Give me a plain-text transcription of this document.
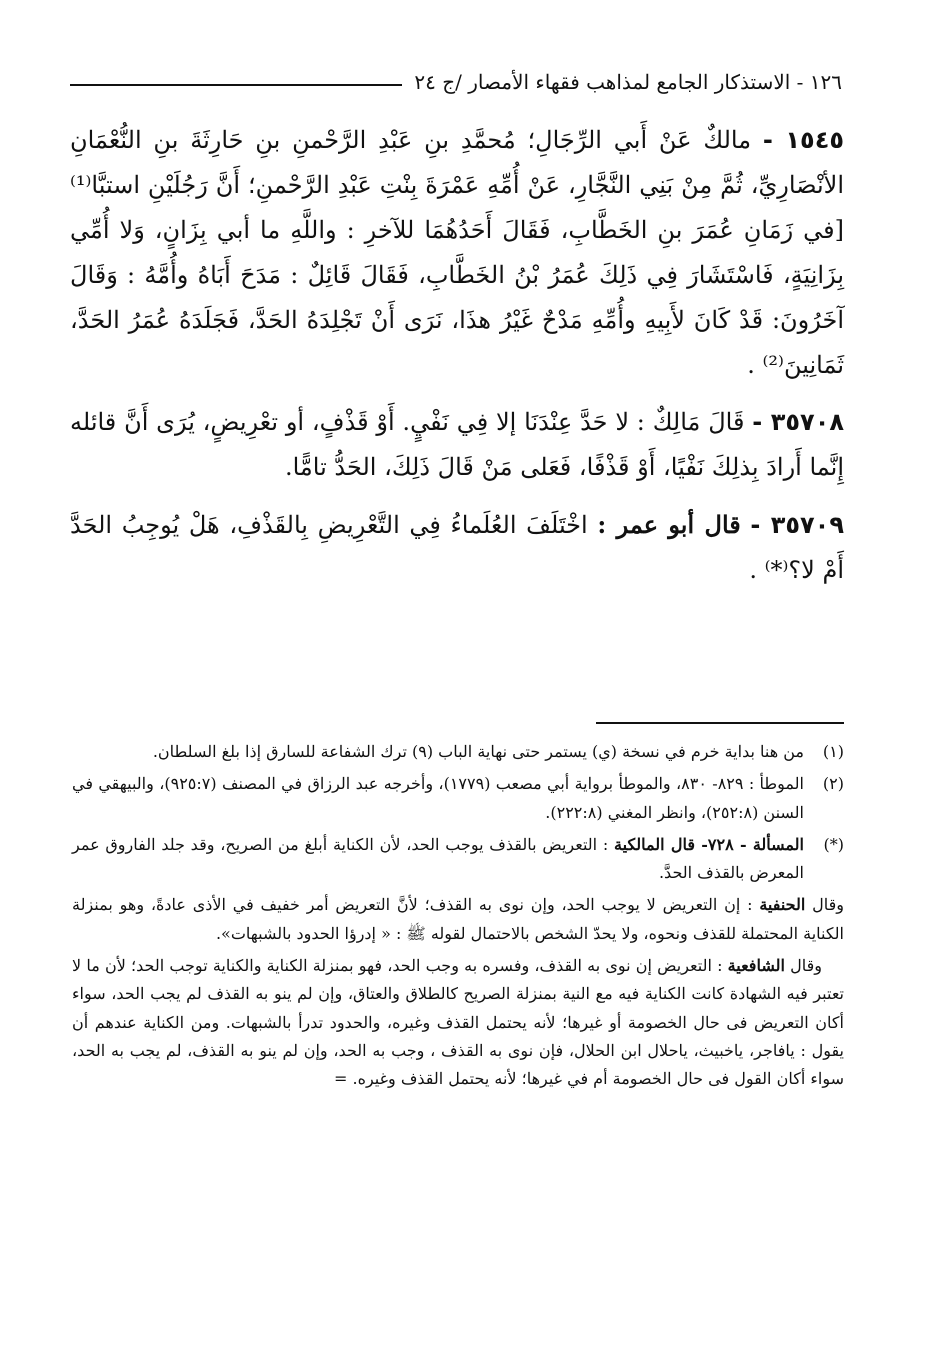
١٢٦ - الاستذكار الجامع لمذاهب فقهاء الأمصار /ج ٢٤

١٥٤٥ - مالكٌ عَنْ أَبي الرِّجَالِ؛ مُحمَّدِ بنِ عَبْدِ الرَّحْمنِ بنِ حَارِثَةَ بنِ النُّعْمَانِ الأنْصَارِيِّ، ثُمَّ مِنْ بَنِي النَّجَّارِ، عَنْ أُمِّهِ عَمْرَةَ بِنْتِ عَبْدِ الرَّحْمنِ؛ أَنَّ رَجُلَيْنِ استبَّا⁽¹⁾ [في زَمَانِ عُمَرَ بنِ الخَطَّابِ، فَقَالَ أَحَدُهُمَا للآخرِ : واللَّهِ ما أبي بِزَانٍ، وَلا أُمِّي بِزَانِيَةٍ، فَاسْتَشَارَ فِي ذَلِكَ عُمَرُ بْنُ الخَطَّابِ، فَقَالَ قَائِلٌ : مَدَحَ أَبَاهُ وأُمَّهُ : وَقَالَ آخَرُونَ: قَدْ كَانَ لأَبِيهِ وأُمِّهِ مَدْحٌ غَيْرُ هذَا، نَرَى أَنْ تَجْلِدَهُ الحَدَّ، فَجَلَدَهُ عُمَرُ الحَدَّ، ثَمَانِينَ⁽²⁾ .

٣٥٧٠٨ - قَالَ مَالِكٌ : لا حَدَّ عِنْدَنَا إلا فِي نَفْيٍ. أَوْ قَذْفٍ، أو تعْرِيضٍ، يُرَى أَنَّ قائله إِنَّما أَرادَ بِذلِكَ نَفْيًا، أَوْ قَذْفًا، فَعَلى مَنْ قَالَ ذَلِكَ، الحَدُّ تامًّا.

٣٥٧٠٩ - قال أبو عمر : اخْتَلَفَ العُلَماءُ فِي التَّعْرِيضِ بِالقَذْفِ، هَلْ يُوجِبُ الحَدَّ أَمْ لا؟⁽*⁾ .

(١)
من هنا بداية خرم في نسخة (ي) يستمر حتى نهاية الباب (٩) ترك الشفاعة للسارق إذا بلغ السلطان.

(٢)
الموطأ : ٨٢٩- ٨٣٠، والموطأ برواية أبي مصعب (١٧٧٩)، وأخرجه عبد الرزاق في المصنف (٩٢٥:٧)، والبيهقي في السنن (٢٥٢:٨)، وانظر المغني (٢٢٢:٨).

(*)
المسألة - ٧٢٨- قال المالكية : التعريض بالقذف يوجب الحد، لأن الكناية أبلغ من الصريح، وقد جلد الفاروق عمر المعرض بالقذف الحدَّ.

وقال الحنفية : إن التعريض لا يوجب الحد، وإن نوى به القذف؛ لأنَّ التعريض أمر خفيف في الأذى عادةً، وهو بمنزلة الكناية المحتملة للقذف ونحوه، ولا يحدّ الشخص بالاحتمال لقوله ﷺ : « إدرؤا الحدود بالشبهات».

وقال الشافعية : التعريض إن نوى به القذف، وفسره به وجب الحد، فهو بمنزلة الكناية والكناية توجب الحد؛ لأن ما لا تعتبر فيه الشهادة كانت الكناية فيه مع النية بمنزلة الصريح كالطلاق والعتاق، وإن لم ينو به القذف لم يجب الحد، سواء أكان التعريض فى حال الخصومة أو غيرها؛ لأنه يحتمل القذف وغيره، والحدود تدرأ بالشبهات. ومن الكناية عندهم أن يقول : يافاجر، ياخبيث، ياحلال ابن الحلال، فإن نوى به القذف ، وجب به الحد، وإن لم ينو به القذف، لم يجب به الحد، سواء أكان القول فى حال الخصومة أم في غيرها؛ لأنه يحتمل القذف وغيره. =
